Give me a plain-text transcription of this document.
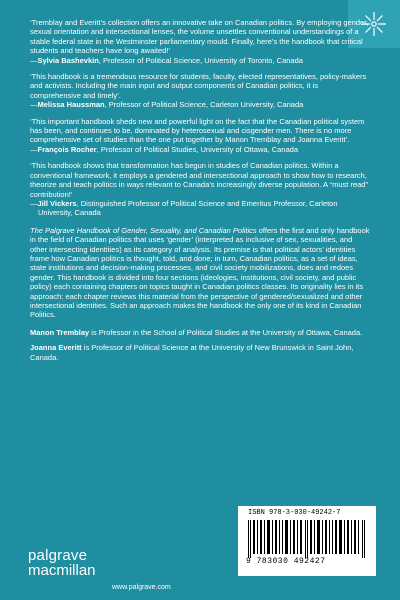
‘Tremblay and Everitt’s collection offers an innovative take on Canadian politics. By employing gender, sexual orientation and intersectional lenses, the volume unsettles conventional understandings of a stable federal state in the Westminster parliamentary mould. Finally, here’s the handbook that critical students and teachers have long awaited!’

—Sylvia Bashevkin, Professor of Political Science, University of Toronto, Canada

‘This handbook is a tremendous resource for students, faculty, elected representatives, policy-makers and activists. Including the main input and output components of Canadian politics, it is comprehensive and timely’.

—Melissa Haussman, Professor of Political Science, Carleton University, Canada

‘This important handbook sheds new and powerful light on the fact that the Canadian political system has been, and continues to be, dominated by heterosexual and cisgender men. There is no more comprehensive set of studies than the one put together by Manon Tremblay and Joanna Everitt’.

—François Rocher, Professor of Political Studies, University of Ottawa, Canada

‘This handbook shows that transformation has begun in studies of Canadian politics. Within a conventional framework, it employs a gendered and intersectional approach to show how to research, theorize and teach politics in ways relevant to Canada’s increasingly diverse population. A “must read” contribution!’

—Jill Vickers, Distinguished Professor of Political Science and Emeritus Professor, Carleton University, Canada

The Palgrave Handbook of Gender, Sexuality, and Canadian Politics offers the first and only handbook in the field of Canadian politics that uses ‘gender’ (interpreted as inclusive of sex, sexualities, and other intersecting identities) as its category of analysis. Its premise is that political actors’ identities frame how Canadian politics is thought, told, and done; in turn, Canadian politics, as a set of ideas, state institutions and decision-making processes, and civil society mobilizations, does and redoes gender. This handbook is divided into four sections (ideologies, institutions, civil society, and public policy) each containing chapters on topics taught in Canadian politics classes. Its originality lies in its approach: each chapter reviews this material from the perspective of gendered/sexualized and other intersectional identities. Such an approach makes the handbook the only one of its kind in Canadian Politics.

Manon Tremblay is Professor in the School of Political Studies at the University of Ottawa, Canada.

Joanna Everitt is Professor of Political Science at the University of New Brunswick in Saint John, Canada.

ISBN 978-3-030-49242-7
9 783030 492427
palgrave
macmillan
www.palgrave.com
